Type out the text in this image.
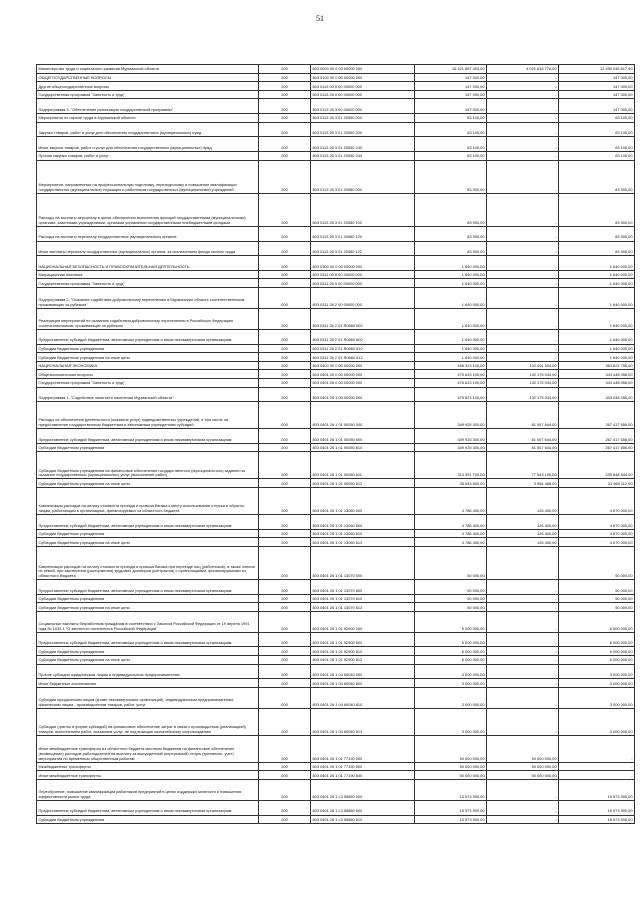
51
Министерство труда и социального развития Мурманской области	200	803 0000 00 0 00 00000 000	15 421 867 403,00	4 021 818 776,00	12 490 045 617,40
ОБЩЕГОСУДАРСТВЕННЫЕ ВОПРОСЫ	200	803 0100 00 0 00 00000 000	147 000,00	-	147 000,00
Другие общегосударственные вопросы	200	803 0113 00 0 00 00000 000	147 000,00	-	147 000,00
Государственная программа "Занятость и труд"	200	803 0113 26 0 00 00000 000	147 000,00	-	147 000,00
Подпрограмма 3. "Обеспечение реализации государственной программы"	200	803 0113 26 3 00 00000 000	147 000,00	-	147 000,00
Мероприятия по охране труда в Мурманской области	200	803 0113 26 3 01 20550 000	63 100,00	-	63 100,00
Закупка товаров, работ и услуг для обеспечения государственных (муниципальных) нужд	200	803 0113 26 3 01 20550 200	63 100,00	-	63 100,00
Иные закупки товаров, работ и услуг для обеспечения государственных (муниципальных) нужд	200	803 0113 26 3 01 20550 240	63 100,00	-	63 100,00
Прочая закупка товаров, работ и услуг	200	803 0113 26 3 01 20550 244	63 100,00	-	63 100,00
Мероприятия, направленные на профессиональную подготовку, переподготовку и повышение квалификации государственных (муниципальных) служащих и работников государственных (муниципальных) учреждений	200	803 0113 26 3 01 20580 000	83 900,00	-	83 900,00
Расходы на выплаты персоналу в целях обеспечения выполнения функций государственными (муниципальными) органами, казенными учреждениями, органами управления государственными внебюджетными фондами	200	803 0113 26 3 01 20580 100	83 900,00	-	83 900,00
Расходы на выплаты персоналу государственных (муниципальных) органов	200	803 0113 26 3 01 20580 120	83 900,00	-	83 900,00
Иные выплаты персоналу государственных (муниципальных) органов, за исключением фонда оплаты труда	200	803 0113 26 3 01 20580 122	83 900,00	-	83 900,00
НАЦИОНАЛЬНАЯ БЕЗОПАСНОСТЬ И ПРАВООХРАНИТЕЛЬНАЯ ДЕЯТЕЛЬНОСТЬ	200	803 0300 00 0 00 00000 000	1 640 000,00	-	1 640 000,00
Миграционная политика	200	803 0311 00 0 00 00000 000	1 640 000,00	-	1 640 000,00
Государственная программа "Занятость и труд"	200	803 0311 26 0 00 00000 000	1 640 000,00	-	1 640 000,00
Подпрограмма 2. "Оказание содействия добровольному переселению в Мурманскую область соотечественников, проживающих за рубежом"	200	803 0311 26 2 00 00000 000	1 640 000,00	-	1 640 000,00
Реализация мероприятий по оказанию содействия добровольному переселению в Российскую Федерацию соотечественников, проживающих за рубежом	200	803 0311 26 2 01 R0860 000	1 640 000,00	-	1 640 000,00
Предоставление субсидий бюджетным, автономным учреждениям и иным некоммерческим организациям	200	803 0311 26 2 01 R0860 600	1 640 000,00	-	1 640 000,00
Субсидии бюджетным учреждениям	200	803 0311 26 2 01 R0860 610	1 640 000,00	-	1 640 000,00
Субсидии бюджетным учреждениям на иные цели	200	803 0311 26 2 01 R0860 612	1 640 000,00	-	1 640 000,00
НАЦИОНАЛЬНАЯ ЭКОНОМИКА	200	803 0400 00 0 00 00000 000	496 313 100,00	132 491 304,00	363 821 796,00
Общеэкономические вопросы	200	803 0401 00 0 00 00000 000	475 623 100,00	132 175 044,00	343 448 056,00
Государственная программа "Занятость и труд"	200	803 0401 26 0 00 00000 000	475 623 100,00	132 175 044,00	343 448 056,00
Подпрограмма 1. "Содействие занятости населения Мурманской области"	200	803 0401 26 1 00 00000 000	475 623 100,00	132 175 044,00	343 448 056,00
Расходы на обеспечение деятельности (оказание услуг) подведомственных учреждений, в том числе на предоставление государственным бюджетным и автономным учреждениям субсидий	200	803 0401 26 1 01 00050 000	349 925 300,00	81 507 644,00	267 417 656,00
Предоставление субсидий бюджетным, автономным учреждениям и иным некоммерческим организациям	200	803 0401 26 1 01 00050 600	349 925 300,00	81 507 644,00	267 417 656,00
Субсидии бюджетным учреждениям	200	803 0401 26 1 01 00050 610	349 925 300,00	81 507 644,00	267 417 656,00
Субсидии бюджетным учреждениям на финансовое обеспечение государственного (муниципального) задания на оказание государственных (муниципальных) услуг (выполнение работ)	200	803 0401 26 1 01 00050 611	313 391 700,00	77 543 156,00	235 848 544,00
Субсидии бюджетным учреждениям на иные цели	200	803 0401 26 1 01 00050 612	35 533 600,00	3 964 488,00	31 569 112,00
Компенсация расходов на оплату стоимости проезда и провоза багажа к месту использования отпуска и обратно лицам, работающим в организациях, финансируемых из областного бюджета	200	803 0401 26 1 01 13060 000	4 786 400,00	126 400,00	4 670 000,00
Предоставление субсидий бюджетным, автономным учреждениям и иным некоммерческим организациям	200	803 0401 26 1 01 13060 600	4 786 400,00	126 400,00	4 670 000,00
Субсидии бюджетным учреждениям	200	803 0401 26 1 01 13060 610	4 786 400,00	126 400,00	4 670 000,00
Субсидии бюджетным учреждениям на иные цели	200	803 0401 26 1 01 13060 612	4 786 400,00	126 400,00	4 670 000,00
Компенсация расходов на оплату стоимости проезда и провоза багажа при переезде лиц (работников), а также членов их семей, при заключении (расторжении) трудовых договоров (контрактов) с организациями, финансируемыми из областного бюджета	200	803 0401 26 1 01 13070 000	50 000,00	-	50 000,00
Предоставление субсидий бюджетным, автономным учреждениям и иным некоммерческим организациям	200	803 0401 26 1 01 13070 600	50 000,00	-	50 000,00
Субсидии бюджетным учреждениям	200	803 0401 26 1 01 13070 610	50 000,00	-	50 000,00
Субсидии бюджетным учреждениям на иные цели	200	803 0401 26 1 01 13070 612	50 000,00	-	50 000,00
Социальные выплаты безработным гражданам в соответствии с Законом Российской Федерации от 19 апреля 1991 года № 1032-1 "О занятости населения в Российской Федерации"	200	803 0401 26 1 01 52900 000	6 000 000,00	-	6 000 000,00
Предоставление субсидий бюджетным, автономным учреждениям и иным некоммерческим организациям	200	803 0401 26 1 01 52900 600	6 000 000,00	-	6 000 000,00
Субсидии бюджетным учреждениям	200	803 0401 26 1 01 52900 610	6 000 000,00	-	6 000 000,00
Субсидии бюджетным учреждениям на иные цели	200	803 0401 26 1 01 52900 612	6 000 000,00	-	6 000 000,00
Прочие субсидии юридическим лицам и индивидуальным предпринимателям	200	803 0401 26 1 04 60040 000	3 000 000,00	-	3 000 000,00
Иные бюджетные ассигнования	200	803 0401 26 1 04 60040 800	3 000 000,00	-	3 000 000,00
Субсидии юридическим лицам (кроме некоммерческих организаций), индивидуальным предпринимателям, физическим лицам - производителям товаров, работ, услуг	200	803 0401 26 1 04 60040 810	3 000 000,00	-	3 000 000,00
Субсидии (гранты в форме субсидий) на финансовое обеспечение затрат в связи с производством (реализацией) товаров, выполнением работ, оказанием услуг, не подлежащие казначейскому сопровождению	200	803 0401 26 1 04 60040 813	3 000 000,00	-	3 000 000,00
Иные межбюджетные трансферты из областного бюджета местным бюджетам на финансовое обеспечение (возмещение) расходов работодателей на выплату за вынужденный (перерывной) отпуск (трехмесяч. учет) мероприятия по временным общественным работам	200	803 0401 26 1 01 77190 000	50 000 000,00	50 000 000,00	-
Межбюджетные трансферты	200	803 0401 26 1 01 77190 500	50 000 000,00	50 000 000,00	-
Иные межбюджетные трансферты	200	803 0401 26 1 01 77190 540	50 000 000,00	50 000 000,00	-
Переобучение, повышение квалификации работников предприятий в целях поддержки занятости и повышения эффективности рынка труда	200	803 0401 26 1 L3 55860 000	15 973 900,00	-	15 973 900,00
Предоставление субсидий бюджетным, автономным учреждениям и иным некоммерческим организациям	200	803 0401 26 1 L3 55860 600	15 973 900,00	-	15 973 900,00
Субсидии бюджетным учреждениям	200	803 0401 26 1 L3 55860 610	15 973 900,00	-	15 973 900,00
